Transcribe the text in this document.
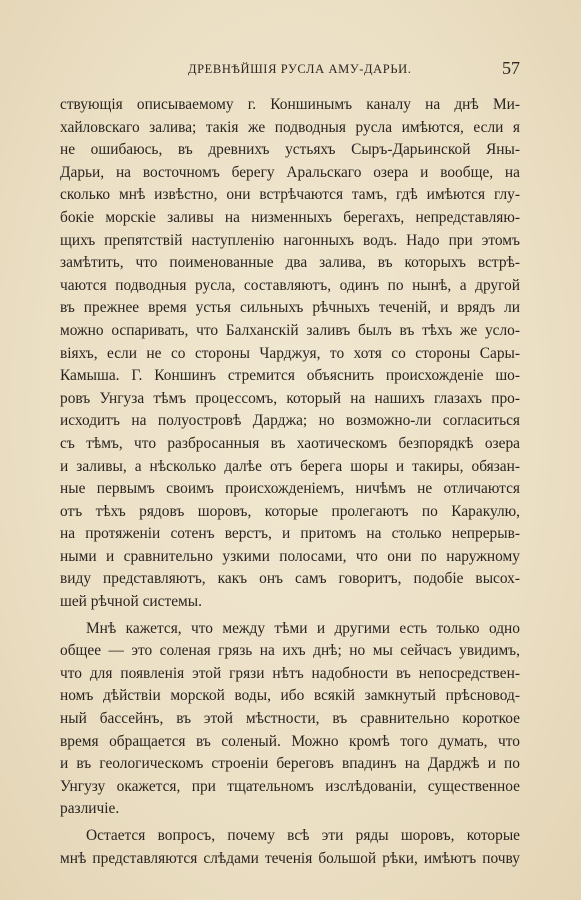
ДРЕВНѢЙШІЯ РУСЛА АМУ-ДАРЬИ.	57
ствующія описываемому г. Коншинымъ каналу на днѣ Ми-
хайловскаго залива; такія же подводныя русла имѣются, если я
не ошибаюсь, въ древнихъ устьяхъ Сыръ-Дарьинской Яны-
Дарьи, на восточномъ берегу Аральскаго озера и вообще, на
сколько мнѣ извѣстно, они встрѣчаются тамъ, гдѣ имѣются глу-
бокіе морскіе заливы на низменныхъ берегахъ, непредставляю-
щихъ препятствій наступленію нагонныхъ водъ. Надо при этомъ
замѣтить, что поименованные два залива, въ которыхъ встрѣ-
чаются подводныя русла, составляютъ, одинъ по нынѣ, а другой
въ прежнее время устья сильныхъ рѣчныхъ теченій, и врядъ ли
можно оспаривать, что Балханскій заливъ былъ въ тѣхъ же усло-
віяхъ, если не со стороны Чарджуя, то хотя со стороны Сары-
Камыша. Г. Коншинъ стремится объяснить происхожденіе шо-
ровъ Унгуза тѣмъ процессомъ, который на нашихъ глазахъ про-
исходитъ на полуостровѣ Дарджа; но возможно-ли согласиться
съ тѣмъ, что разбросанныя въ хаотическомъ безпорядкѣ озера
и заливы, а нѣсколько далѣе отъ берега шоры и такиры, обязан-
ные первымъ своимъ происхожденіемъ, ничѣмъ не отличаются
отъ тѣхъ рядовъ шоровъ, которые пролегаютъ по Каракулю,
на протяженіи сотенъ верстъ, и притомъ на столько непрерыв-
ными и сравнительно узкими полосами, что они по наружному
виду представляютъ, какъ онъ самъ говоритъ, подобіе высох-
шей рѣчной системы.
Мнѣ кажется, что между тѣми и другими есть только одно
общее — это соленая грязь на ихъ днѣ; но мы сейчасъ увидимъ,
что для появленія этой грязи нѣтъ надобности въ непосредствен-
номъ дѣйствіи морской воды, ибо всякій замкнутый прѣсновод-
ный бассейнъ, въ этой мѣстности, въ сравнительно короткое
время обращается въ соленый. Можно кромѣ того думать, что
и въ геологическомъ строеніи береговъ впадинъ на Дарджѣ и по
Унгузу окажется, при тщательномъ изслѣдованіи, существенное
различіе.
Остается вопросъ, почему всѣ эти ряды шоровъ, которые
мнѣ представляются слѣдами теченія большой рѣки, имѣютъ почву
